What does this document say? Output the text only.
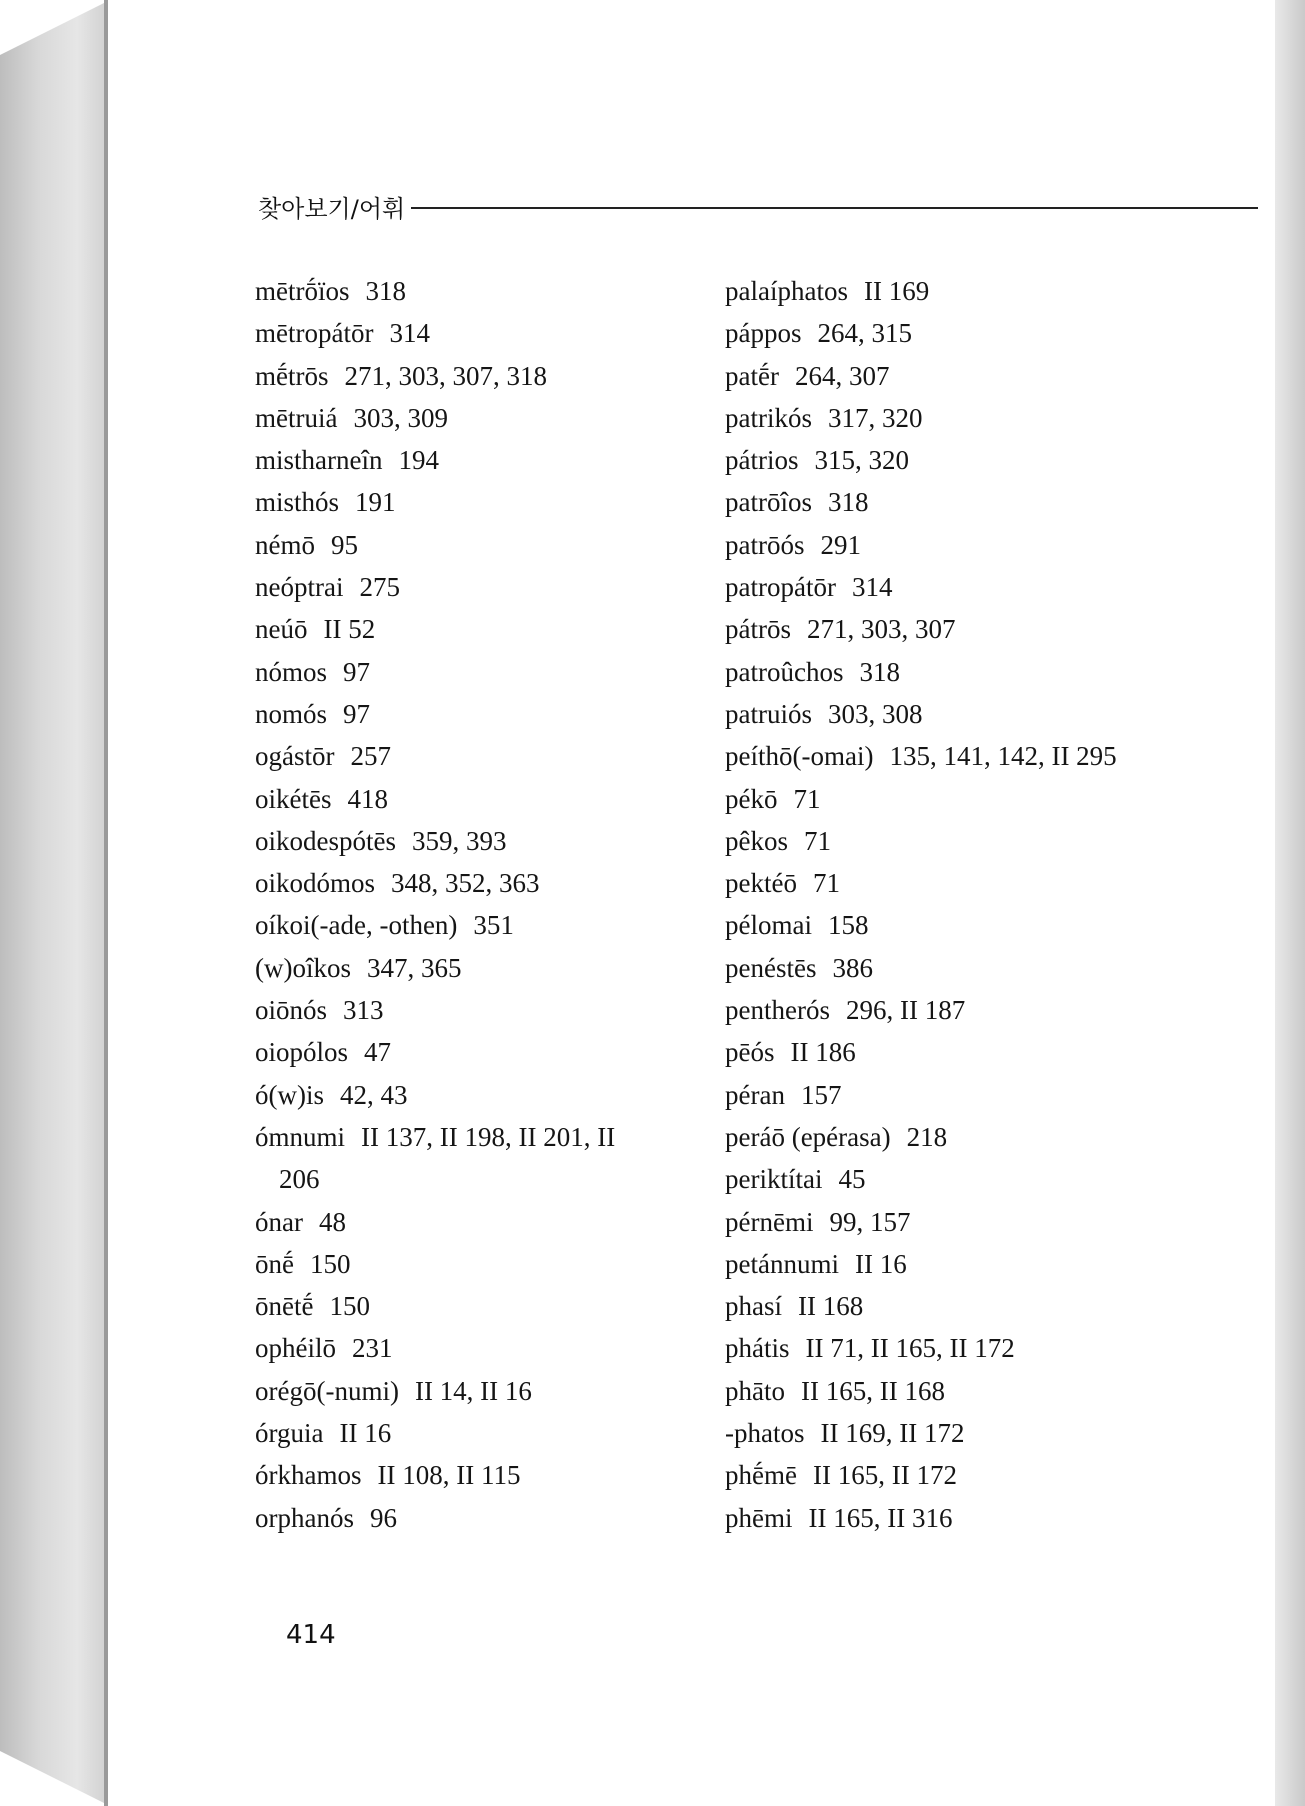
찾아보기/어휘
mētrṓïos 318
mētropátōr 314
mḗtrōs 271, 303, 307, 318
mētruiá 303, 309
mistharneîn 194
misthós 191
némō 95
neóptrai 275
neúō II 52
nómos 97
nomós 97
ogástōr 257
oikétēs 418
oikodespótēs 359, 393
oikodómos 348, 352, 363
oíkoi(-ade, -othen) 351
(w)oîkos 347, 365
oiōnós 313
oiopólos 47
ó(w)is 42, 43
ómnumi II 137, II 198, II 201, II
206
ónar 48
ōnḗ 150
ōnētḗ 150
ophéilō 231
orégō(-numi) II 14, II 16
órguia II 16
órkhamos II 108, II 115
orphanós 96
palaíphatos II 169
páppos 264, 315
patḗr 264, 307
patrikós 317, 320
pátrios 315, 320
patrōîos 318
patrōós 291
patropátōr 314
pátrōs 271, 303, 307
patroûchos 318
patruiós 303, 308
peíthō(-omai) 135, 141, 142, II 295
pékō 71
pêkos 71
pektéō 71
pélomai 158
penéstēs 386
pentherós 296, II 187
pēós II 186
péran 157
peráō (epérasa) 218
periktítai 45
pérnēmi 99, 157
petánnumi II 16
phasí II 168
phátis II 71, II 165, II 172
phāto II 165, II 168
-phatos II 169, II 172
phḗmē II 165, II 172
phēmi II 165, II 316
414
